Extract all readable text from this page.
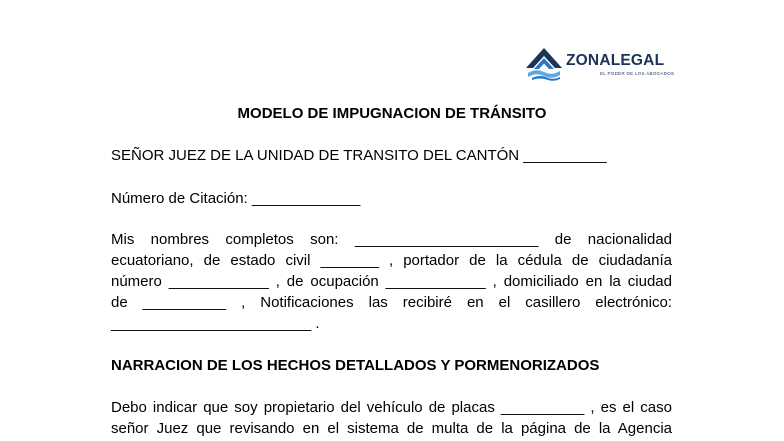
ZONALEGAL
EL PODER DE LOS ABOGADOS
MODELO DE IMPUGNACION DE TRÁNSITO
SEÑOR JUEZ DE LA UNIDAD DE TRANSITO DEL CANTÓN __________
Número de Citación: _____________
Mis nombres completos son: ______________________ de nacionalidad
ecuatoriano, de estado civil _______ , portador de la cédula de ciudadanía
número ____________ , de ocupación ____________ , domiciliado en la ciudad
de __________ , Notificaciones las recibiré en el casillero electrónico:
________________________ .
NARRACION DE LOS HECHOS DETALLADOS Y PORMENORIZADOS
Debo indicar que soy propietario del vehículo de placas __________ , es el caso
señor Juez que revisando en el sistema de multa de la página de la Agencia
